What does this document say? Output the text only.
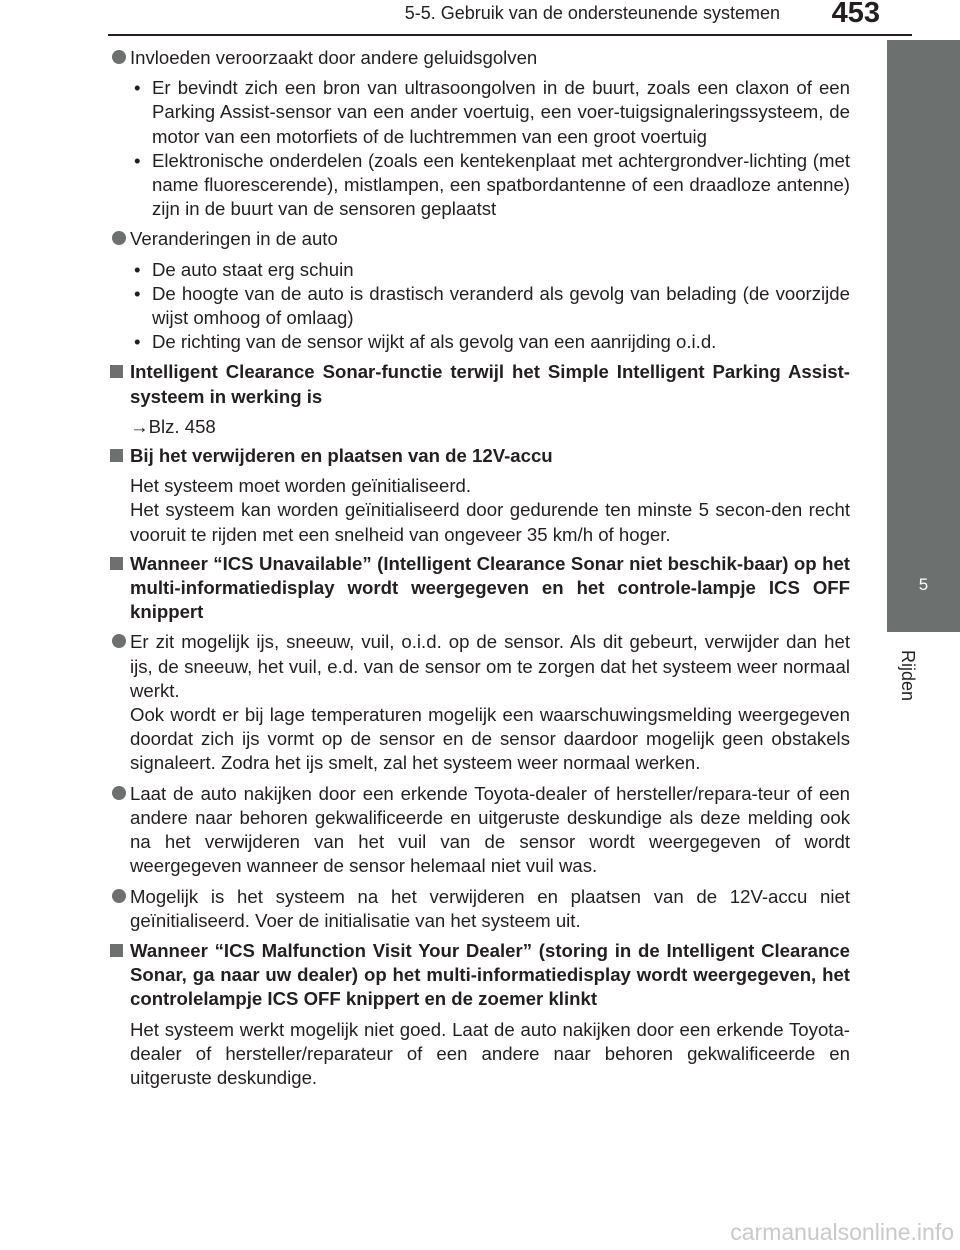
5-5. Gebruik van de ondersteunende systemen 453
5
Rijden
Invloeden veroorzaakt door andere geluidsgolven
• Er bevindt zich een bron van ultrasoongolven in de buurt, zoals een claxon of een Parking Assist-sensor van een ander voertuig, een voer-tuigsignaleringssysteem, de motor van een motorfiets of de luchtremmen van een groot voertuig
• Elektronische onderdelen (zoals een kentekenplaat met achtergrondver-lichting (met name fluorescerende), mistlampen, een spatbordantenne of een draadloze antenne) zijn in de buurt van de sensoren geplaatst
Veranderingen in de auto
• De auto staat erg schuin
• De hoogte van de auto is drastisch veranderd als gevolg van belading (de voorzijde wijst omhoog of omlaag)
• De richting van de sensor wijkt af als gevolg van een aanrijding o.i.d.
Intelligent Clearance Sonar-functie terwijl het Simple Intelligent Parking Assist-systeem in werking is
→Blz. 458
Bij het verwijderen en plaatsen van de 12V-accu
Het systeem moet worden geïnitialiseerd.
Het systeem kan worden geïnitialiseerd door gedurende ten minste 5 secon-den recht vooruit te rijden met een snelheid van ongeveer 35 km/h of hoger.
Wanneer “ICS Unavailable” (Intelligent Clearance Sonar niet beschik-baar) op het multi-informatiedisplay wordt weergegeven en het controle-lampje ICS OFF knippert
Er zit mogelijk ijs, sneeuw, vuil, o.i.d. op de sensor. Als dit gebeurt, verwijder dan het ijs, de sneeuw, het vuil, e.d. van de sensor om te zorgen dat het systeem weer normaal werkt.
Ook wordt er bij lage temperaturen mogelijk een waarschuwingsmelding weergegeven doordat zich ijs vormt op de sensor en de sensor daardoor mogelijk geen obstakels signaleert. Zodra het ijs smelt, zal het systeem weer normaal werken.
Laat de auto nakijken door een erkende Toyota-dealer of hersteller/repara-teur of een andere naar behoren gekwalificeerde en uitgeruste deskundige als deze melding ook na het verwijderen van het vuil van de sensor wordt weergegeven of wordt weergegeven wanneer de sensor helemaal niet vuil was.
Mogelijk is het systeem na het verwijderen en plaatsen van de 12V-accu niet geïnitialiseerd. Voer de initialisatie van het systeem uit.
Wanneer “ICS Malfunction Visit Your Dealer” (storing in de Intelligent Clearance Sonar, ga naar uw dealer) op het multi-informatiedisplay wordt weergegeven, het controlelampje ICS OFF knippert en de zoemer klinkt
Het systeem werkt mogelijk niet goed. Laat de auto nakijken door een erkende Toyota-dealer of hersteller/reparateur of een andere naar behoren gekwalificeerde en uitgeruste deskundige.
carmanualsonline.info
